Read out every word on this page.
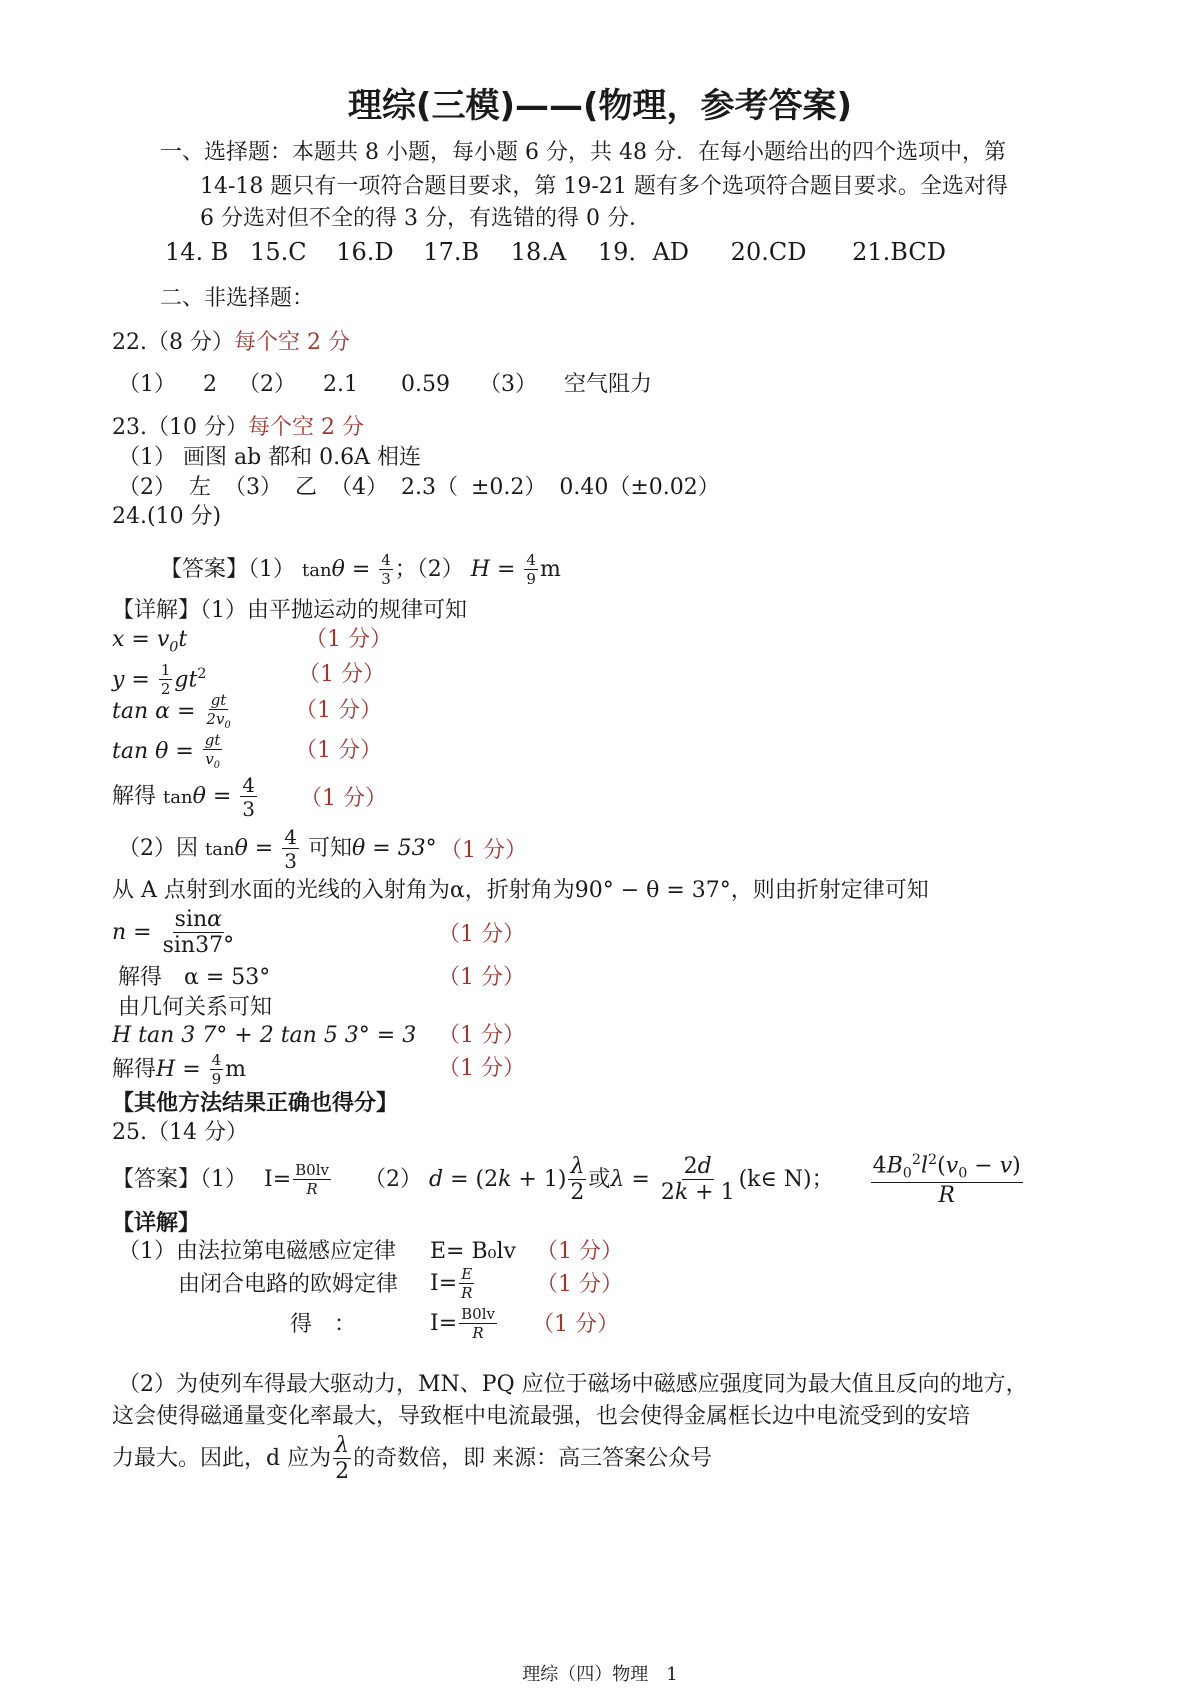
理综(三模)——(物理，参考答案)
一、选择题：本题共 8 小题，每小题 6 分，共 48 分．在每小题给出的四个选项中，第
14-18 题只有一项符合题目要求，第 19-21 题有多个选项符合题目要求。全选对得
6 分选对但不全的得 3 分，有选错的得 0 分．
14. B 15.C 16.D 17.B 18.A 19．AD 20.CD 21.BCD
二、非选择题：
22.（8 分）每个空 2 分
（1） 2 （2） 2.1 0.59 （3） 空气阻力
23.（10 分）每个空 2 分
（1） 画图 ab 都和 0.6A 相连
（2） 左 （3） 乙 （4） 2.3（ ±0.2） 0.40（±0.02）
24.(10 分)
【答案】（1） $\tan\theta = \frac{4}{3}$ ；（2） $H = \frac{4}{9}$ m
【详解】（1）由平抛运动的规律可知
$x = v_0t$	（1 分）
$y = \frac{1}{2} gt^2$	（1 分）
$\tan \alpha = \frac{gt}{2v_0}$	（1 分）
$\tan \theta = \frac{gt}{v_0}$	（1 分）
解得 $\tan\theta = \frac{4}{3} (1$ 分）
（2）因 $\tan\theta = \frac{4}{3}$ 可知θ = 53° （1 分）
从 A 点射到水面的光线的入射角为α，折射角为90° − θ = 37°，则由折射定律可知
$n = \frac{\sin\alpha}{\sin 37^\circ}$	（1 分）
解得　α = 53°	（1 分）
由几何关系可知
H tan 3 7° + 2 tan 5 3° = 3 （1 分）
解得$H = \frac{4}{9}$ m	（1 分）
【其他方法结果正确也得分】
25.（14 分）
【答案】（1） $I= \frac{B0lv}{R} (2) d = (2k + 1) \frac{\lambda}{2}$ 或$\lambda = \frac{2d}{2k + 1}$ (k∈ N)； $\frac{4B_0^2l^2(v_0 - v)}{R}$
【详解】
（1）由法拉第电磁感应定律 E= B₀lv （1 分）
由闭合电路的欧姆定律 $I= \frac{E}{R}$	（1 分）
得　：	$I= \frac{B0lv}{R} (1$ 分）
（2）为使列车得最大驱动力，MN、PQ 应位于磁场中磁感应强度同为最大值且反向的地方，
这会使得磁通量变化率最大，导致框中电流最强，也会使得金属框长边中电流受到的安培
力最大。因此，d 应为 $\frac{\lambda}{2}$ 的奇数倍，即 来源：高三答案公众号
理综（四）物理　1
